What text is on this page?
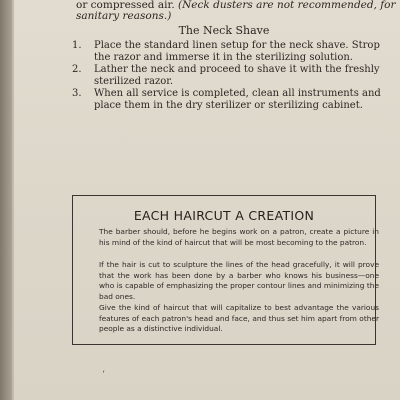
or compressed air. (Neck dusters are not recommended, for
sanitary reasons.)
The Neck Shave
1. Place the standard linen setup for the neck shave. Strop the razor and immerse it in the sterilizing solution.
2. Lather the neck and proceed to shave it with the freshly sterilized razor.
3. When all service is completed, clean all instruments and place them in the dry sterilizer or sterilizing cabinet.
EACH HAIRCUT A CREATION
The barber should, before he begins work on a patron, create a picture in his mind of the kind of haircut that will be most becoming to the patron.
If the hair is cut to sculpture the lines of the head gracefully, it will prove that the work has been done by a barber who knows his business—one who is capable of emphasizing the proper contour lines and minimizing the bad ones.
Give the kind of haircut that will capitalize to best advantage the various features of each patron's head and face, and thus set him apart from other people as a distinctive individual.
‘
